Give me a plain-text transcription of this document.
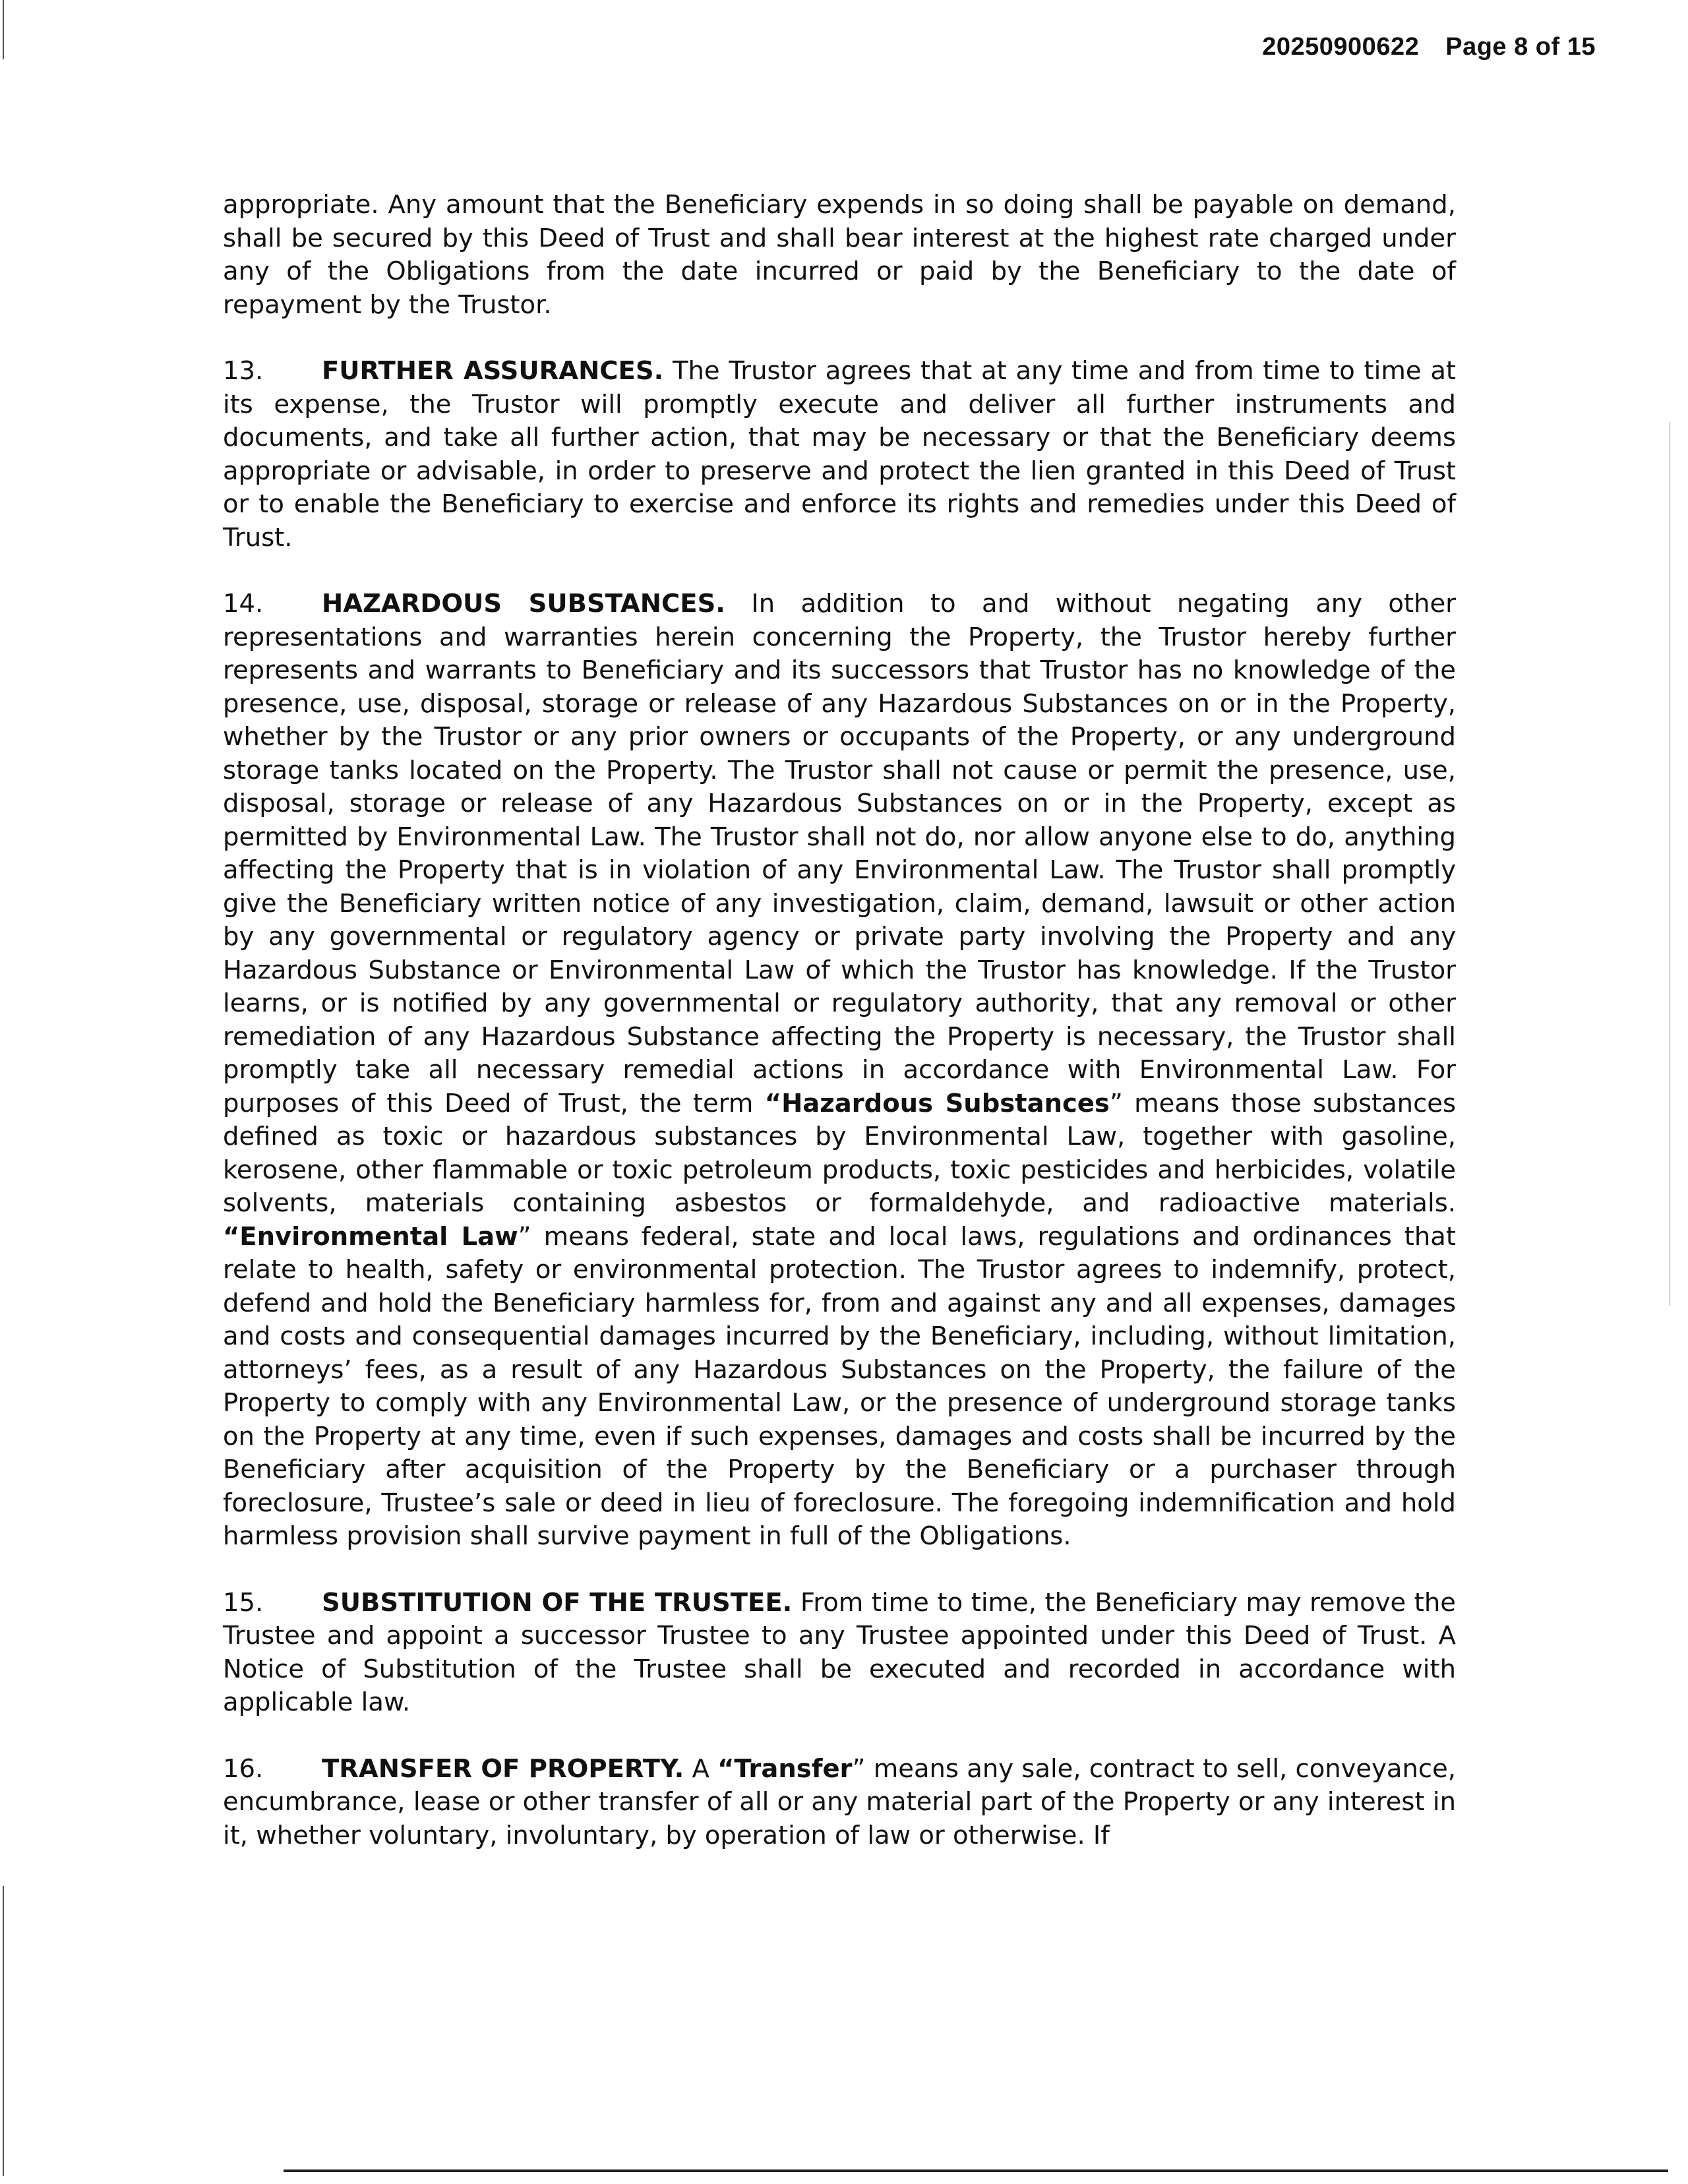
20250900622 Page 8 of 15

appropriate. Any amount that the Beneficiary expends in so doing shall be payable on demand, shall be secured by this Deed of Trust and shall bear interest at the highest rate charged under any of the Obligations from the date incurred or paid by the Beneficiary to the date of repayment by the Trustor.

13. FURTHER ASSURANCES. The Trustor agrees that at any time and from time to time at its expense, the Trustor will promptly execute and deliver all further instruments and documents, and take all further action, that may be necessary or that the Beneficiary deems appropriate or advisable, in order to preserve and protect the lien granted in this Deed of Trust or to enable the Beneficiary to exercise and enforce its rights and remedies under this Deed of Trust.

14. HAZARDOUS SUBSTANCES. In addition to and without negating any other representations and warranties herein concerning the Property, the Trustor hereby further represents and warrants to Beneficiary and its successors that Trustor has no knowledge of the presence, use, disposal, storage or release of any Hazardous Substances on or in the Property, whether by the Trustor or any prior owners or occupants of the Property, or any underground storage tanks located on the Property. The Trustor shall not cause or permit the presence, use, disposal, storage or release of any Hazardous Substances on or in the Property, except as permitted by Environmental Law. The Trustor shall not do, nor allow anyone else to do, anything affecting the Property that is in violation of any Environmental Law. The Trustor shall promptly give the Beneficiary written notice of any investigation, claim, demand, lawsuit or other action by any governmental or regulatory agency or private party involving the Property and any Hazardous Substance or Environmental Law of which the Trustor has knowledge. If the Trustor learns, or is notified by any governmental or regulatory authority, that any removal or other remediation of any Hazardous Substance affecting the Property is necessary, the Trustor shall promptly take all necessary remedial actions in accordance with Environmental Law. For purposes of this Deed of Trust, the term “Hazardous Substances” means those substances defined as toxic or hazardous substances by Environmental Law, together with gasoline, kerosene, other flammable or toxic petroleum products, toxic pesticides and herbicides, volatile solvents, materials containing asbestos or formaldehyde, and radioactive materials. “Environmental Law” means federal, state and local laws, regulations and ordinances that relate to health, safety or environmental protection. The Trustor agrees to indemnify, protect, defend and hold the Beneficiary harmless for, from and against any and all expenses, damages and costs and consequential damages incurred by the Beneficiary, including, without limitation, attorneys’ fees, as a result of any Hazardous Substances on the Property, the failure of the Property to comply with any Environmental Law, or the presence of underground storage tanks on the Property at any time, even if such expenses, damages and costs shall be incurred by the Beneficiary after acquisition of the Property by the Beneficiary or a purchaser through foreclosure, Trustee’s sale or deed in lieu of foreclosure. The foregoing indemnification and hold harmless provision shall survive payment in full of the Obligations.

15. SUBSTITUTION OF THE TRUSTEE. From time to time, the Beneficiary may remove the Trustee and appoint a successor Trustee to any Trustee appointed under this Deed of Trust. A Notice of Substitution of the Trustee shall be executed and recorded in accordance with applicable law.

16. TRANSFER OF PROPERTY. A “Transfer” means any sale, contract to sell, conveyance, encumbrance, lease or other transfer of all or any material part of the Property or any interest in it, whether voluntary, involuntary, by operation of law or otherwise. If
